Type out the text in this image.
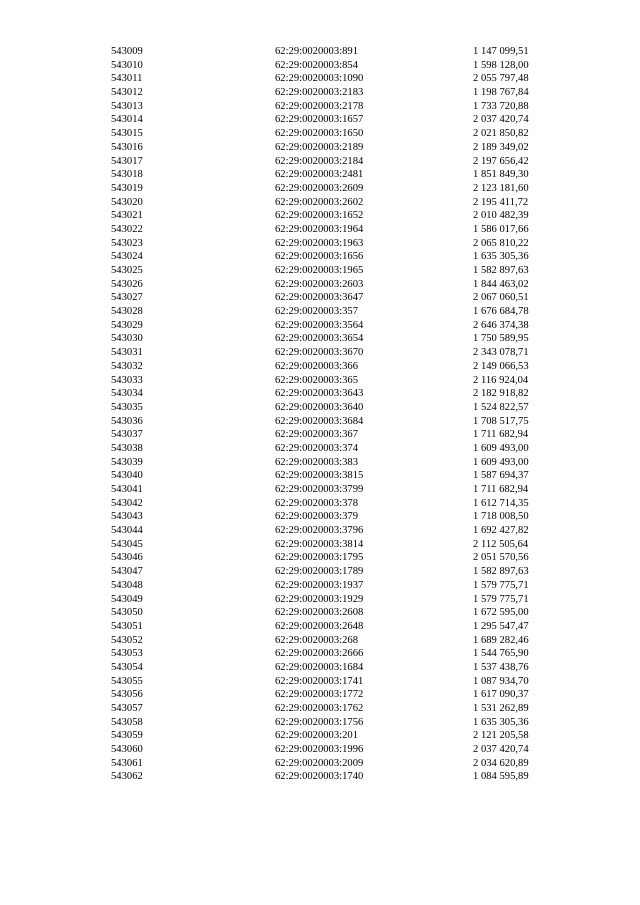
543009	62:29:0020003:891	1 147 099,51
543010	62:29:0020003:854	1 598 128,00
543011	62:29:0020003:1090	2 055 797,48
543012	62:29:0020003:2183	1 198 767,84
543013	62:29:0020003:2178	1 733 720,88
543014	62:29:0020003:1657	2 037 420,74
543015	62:29:0020003:1650	2 021 850,82
543016	62:29:0020003:2189	2 189 349,02
543017	62:29:0020003:2184	2 197 656,42
543018	62:29:0020003:2481	1 851 849,30
543019	62:29:0020003:2609	2 123 181,60
543020	62:29:0020003:2602	2 195 411,72
543021	62:29:0020003:1652	2 010 482,39
543022	62:29:0020003:1964	1 586 017,66
543023	62:29:0020003:1963	2 065 810,22
543024	62:29:0020003:1656	1 635 305,36
543025	62:29:0020003:1965	1 582 897,63
543026	62:29:0020003:2603	1 844 463,02
543027	62:29:0020003:3647	2 067 060,51
543028	62:29:0020003:357	1 676 684,78
543029	62:29:0020003:3564	2 646 374,38
543030	62:29:0020003:3654	1 750 589,95
543031	62:29:0020003:3670	2 343 078,71
543032	62:29:0020003:366	2 149 066,53
543033	62:29:0020003:365	2 116 924,04
543034	62:29:0020003:3643	2 182 918,82
543035	62:29:0020003:3640	1 524 822,57
543036	62:29:0020003:3684	1 708 517,75
543037	62:29:0020003:367	1 711 682,94
543038	62:29:0020003:374	1 609 493,00
543039	62:29:0020003:383	1 609 493,00
543040	62:29:0020003:3815	1 587 694,37
543041	62:29:0020003:3799	1 711 682,94
543042	62:29:0020003:378	1 612 714,35
543043	62:29:0020003:379	1 718 008,50
543044	62:29:0020003:3796	1 692 427,82
543045	62:29:0020003:3814	2 112 505,64
543046	62:29:0020003:1795	2 051 570,56
543047	62:29:0020003:1789	1 582 897,63
543048	62:29:0020003:1937	1 579 775,71
543049	62:29:0020003:1929	1 579 775,71
543050	62:29:0020003:2608	1 672 595,00
543051	62:29:0020003:2648	1 295 547,47
543052	62:29:0020003:268	1 689 282,46
543053	62:29:0020003:2666	1 544 765,90
543054	62:29:0020003:1684	1 537 438,76
543055	62:29:0020003:1741	1 087 934,70
543056	62:29:0020003:1772	1 617 090,37
543057	62:29:0020003:1762	1 531 262,89
543058	62:29:0020003:1756	1 635 305,36
543059	62:29:0020003:201	2 121 205,58
543060	62:29:0020003:1996	2 037 420,74
543061	62:29:0020003:2009	2 034 620,89
543062	62:29:0020003:1740	1 084 595,89
